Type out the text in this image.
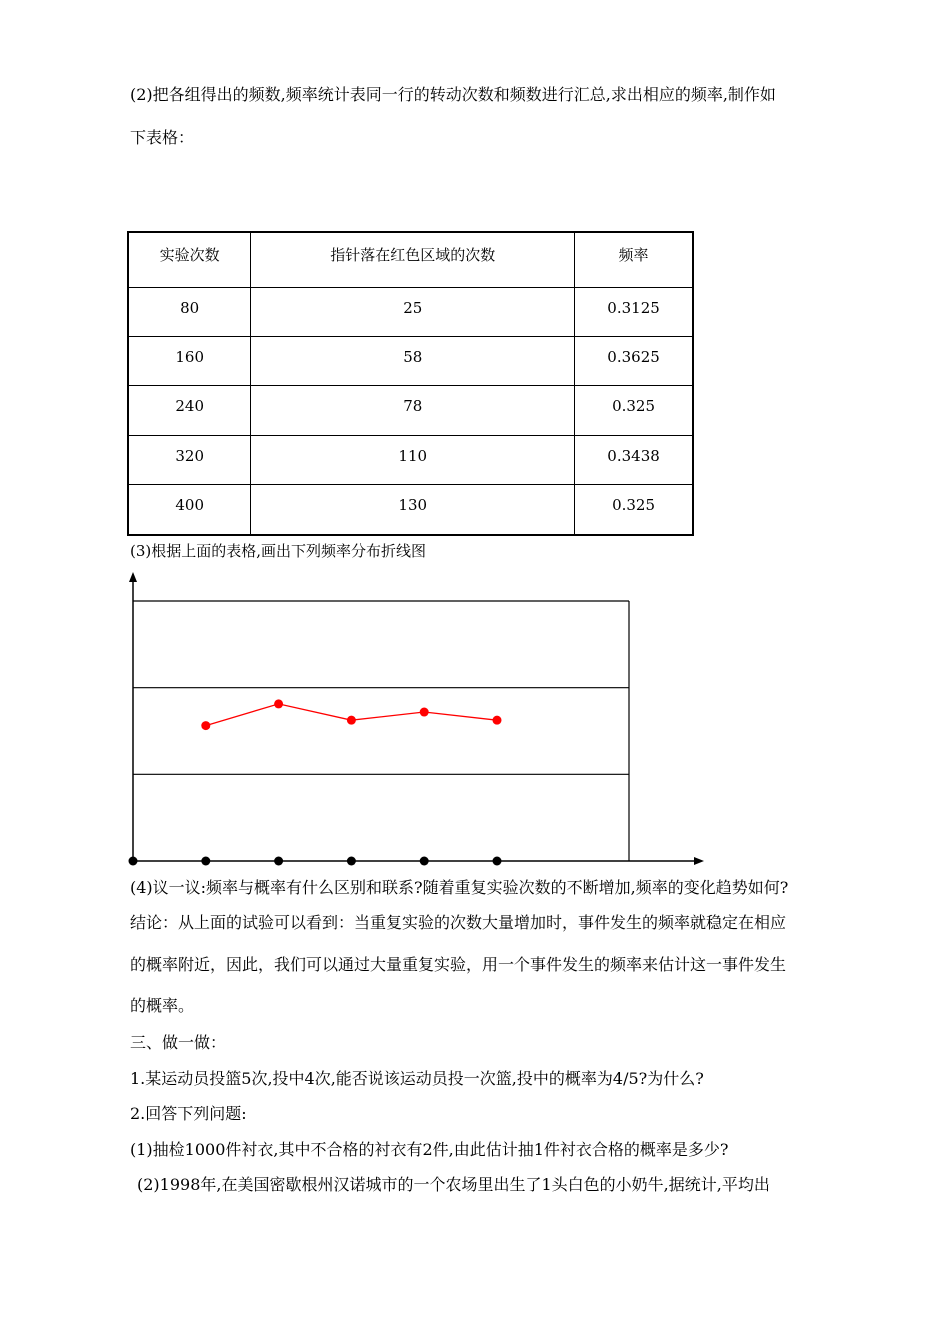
(2)把各组得出的频数,频率统计表同一行的转动次数和频数进行汇总,求出相应的频率,制作如
下表格：
实验次数	指针落在红色区域的次数	频率
80	25	0.3125
160	58	0.3625
240	78	0.325
320	110	0.3438
400	130	0.325
(3)根据上面的表格,画出下列频率分布折线图
(4)议一议:频率与概率有什么区别和联系?随着重复实验次数的不断增加,频率的变化趋势如何?
结论：从上面的试验可以看到：当重复实验的次数大量增加时，事件发生的频率就稳定在相应
的概率附近，因此，我们可以通过大量重复实验，用一个事件发生的频率来估计这一事件发生
的概率。
三、做一做：
1.某运动员投篮5次,投中4次,能否说该运动员投一次篮,投中的概率为4/5?为什么?
2.回答下列问题:
(1)抽检1000件衬衣,其中不合格的衬衣有2件,由此估计抽1件衬衣合格的概率是多少?
(2)1998年,在美国密歇根州汉诺城市的一个农场里出生了1头白色的小奶牛,据统计,平均出
